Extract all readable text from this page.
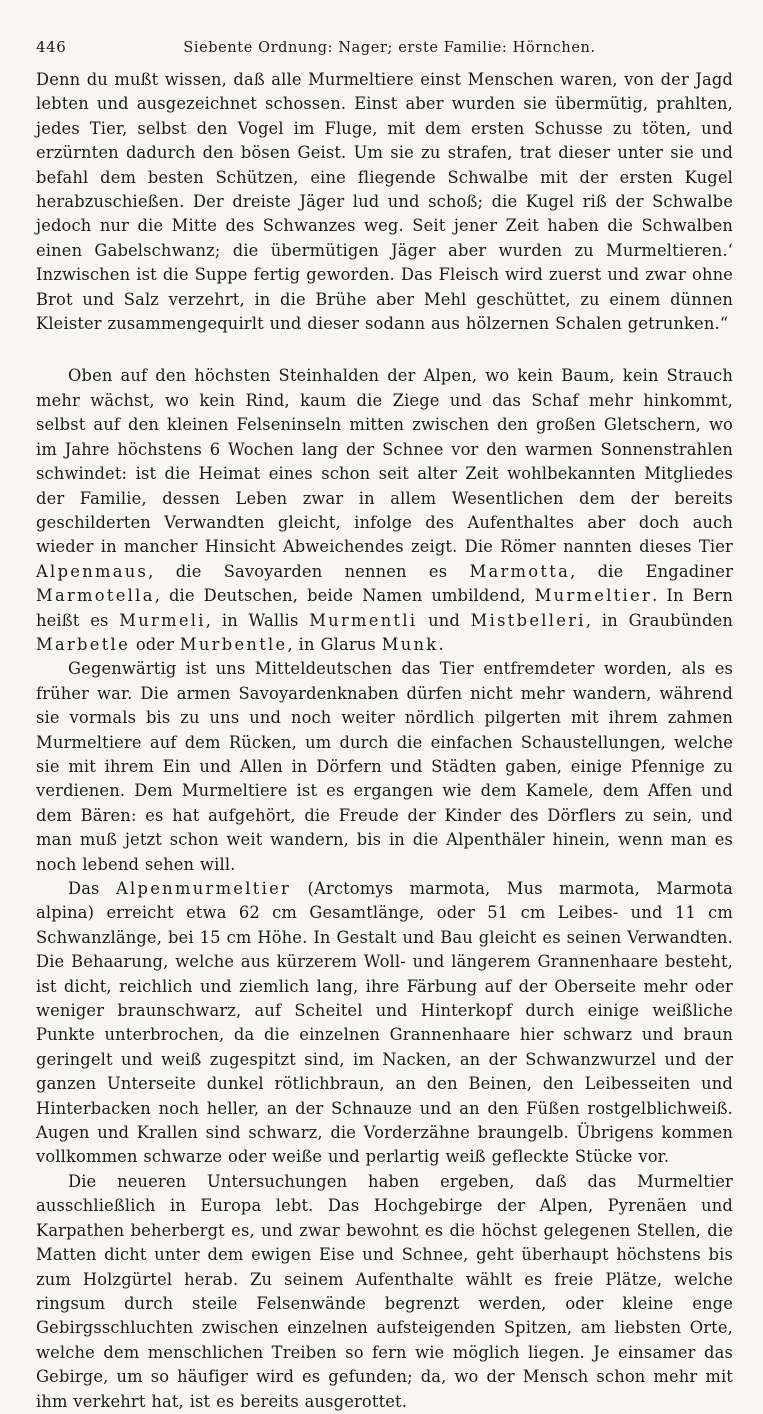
446	Siebente Ordnung: Nager; erste Familie: Hörnchen.

Denn du mußt wissen, daß alle Murmeltiere einst Menschen waren, von der Jagd lebten und ausgezeichnet schossen. Einst aber wurden sie übermütig, prahlten, jedes Tier, selbst den Vogel im Fluge, mit dem ersten Schusse zu töten, und erzürnten dadurch den bösen Geist. Um sie zu strafen, trat dieser unter sie und befahl dem besten Schützen, eine fliegende Schwalbe mit der ersten Kugel herabzuschießen. Der dreiste Jäger lud und schoß; die Kugel riß der Schwalbe jedoch nur die Mitte des Schwanzes weg. Seit jener Zeit haben die Schwalben einen Gabelschwanz; die übermütigen Jäger aber wurden zu Murmeltieren.‘ Inzwischen ist die Suppe fertig geworden. Das Fleisch wird zuerst und zwar ohne Brot und Salz verzehrt, in die Brühe aber Mehl geschüttet, zu einem dünnen Kleister zusammengequirlt und dieser sodann aus hölzernen Schalen getrunken.“

Oben auf den höchsten Steinhalden der Alpen, wo kein Baum, kein Strauch mehr wächst, wo kein Rind, kaum die Ziege und das Schaf mehr hinkommt, selbst auf den kleinen Felseninseln mitten zwischen den großen Gletschern, wo im Jahre höchstens 6 Wochen lang der Schnee vor den warmen Sonnenstrahlen schwindet: ist die Heimat eines schon seit alter Zeit wohlbekannten Mitgliedes der Familie, dessen Leben zwar in allem Wesentlichen dem der bereits geschilderten Verwandten gleicht, infolge des Aufenthaltes aber doch auch wieder in mancher Hinsicht Abweichendes zeigt. Die Römer nannten dieses Tier Alpenmaus, die Savoyarden nennen es Marmotta, die Engadiner Marmotella, die Deutschen, beide Namen umbildend, Murmeltier. In Bern heißt es Murmeli, in Wallis Murmentli und Mistbelleri, in Graubünden Marbetle oder Murbentle, in Glarus Munk.

Gegenwärtig ist uns Mitteldeutschen das Tier entfremdeter worden, als es früher war. Die armen Savoyardenknaben dürfen nicht mehr wandern, während sie vormals bis zu uns und noch weiter nördlich pilgerten mit ihrem zahmen Murmeltiere auf dem Rücken, um durch die einfachen Schaustellungen, welche sie mit ihrem Ein und Allen in Dörfern und Städten gaben, einige Pfennige zu verdienen. Dem Murmeltiere ist es ergangen wie dem Kamele, dem Affen und dem Bären: es hat aufgehört, die Freude der Kinder des Dörflers zu sein, und man muß jetzt schon weit wandern, bis in die Alpenthäler hinein, wenn man es noch lebend sehen will.

Das Alpenmurmeltier (Arctomys marmota, Mus marmota, Marmota alpina) erreicht etwa 62 cm Gesamtlänge, oder 51 cm Leibes- und 11 cm Schwanzlänge, bei 15 cm Höhe. In Gestalt und Bau gleicht es seinen Verwandten. Die Behaarung, welche aus kürzerem Woll- und längerem Grannenhaare besteht, ist dicht, reichlich und ziemlich lang, ihre Färbung auf der Oberseite mehr oder weniger braunschwarz, auf Scheitel und Hinterkopf durch einige weißliche Punkte unterbrochen, da die einzelnen Grannenhaare hier schwarz und braun geringelt und weiß zugespitzt sind, im Nacken, an der Schwanzwurzel und der ganzen Unterseite dunkel rötlichbraun, an den Beinen, den Leibesseiten und Hinterbacken noch heller, an der Schnauze und an den Füßen rostgelblichweiß. Augen und Krallen sind schwarz, die Vorderzähne braungelb. Übrigens kommen vollkommen schwarze oder weiße und perlartig weiß gefleckte Stücke vor.

Die neueren Untersuchungen haben ergeben, daß das Murmeltier ausschließlich in Europa lebt. Das Hochgebirge der Alpen, Pyrenäen und Karpathen beherbergt es, und zwar bewohnt es die höchst gelegenen Stellen, die Matten dicht unter dem ewigen Eise und Schnee, geht überhaupt höchstens bis zum Holzgürtel herab. Zu seinem Aufenthalte wählt es freie Plätze, welche ringsum durch steile Felsenwände begrenzt werden, oder kleine enge Gebirgsschluchten zwischen einzelnen aufsteigenden Spitzen, am liebsten Orte, welche dem menschlichen Treiben so fern wie möglich liegen. Je einsamer das Gebirge, um so häufiger wird es gefunden; da, wo der Mensch schon mehr mit ihm verkehrt hat, ist es bereits ausgerottet.
